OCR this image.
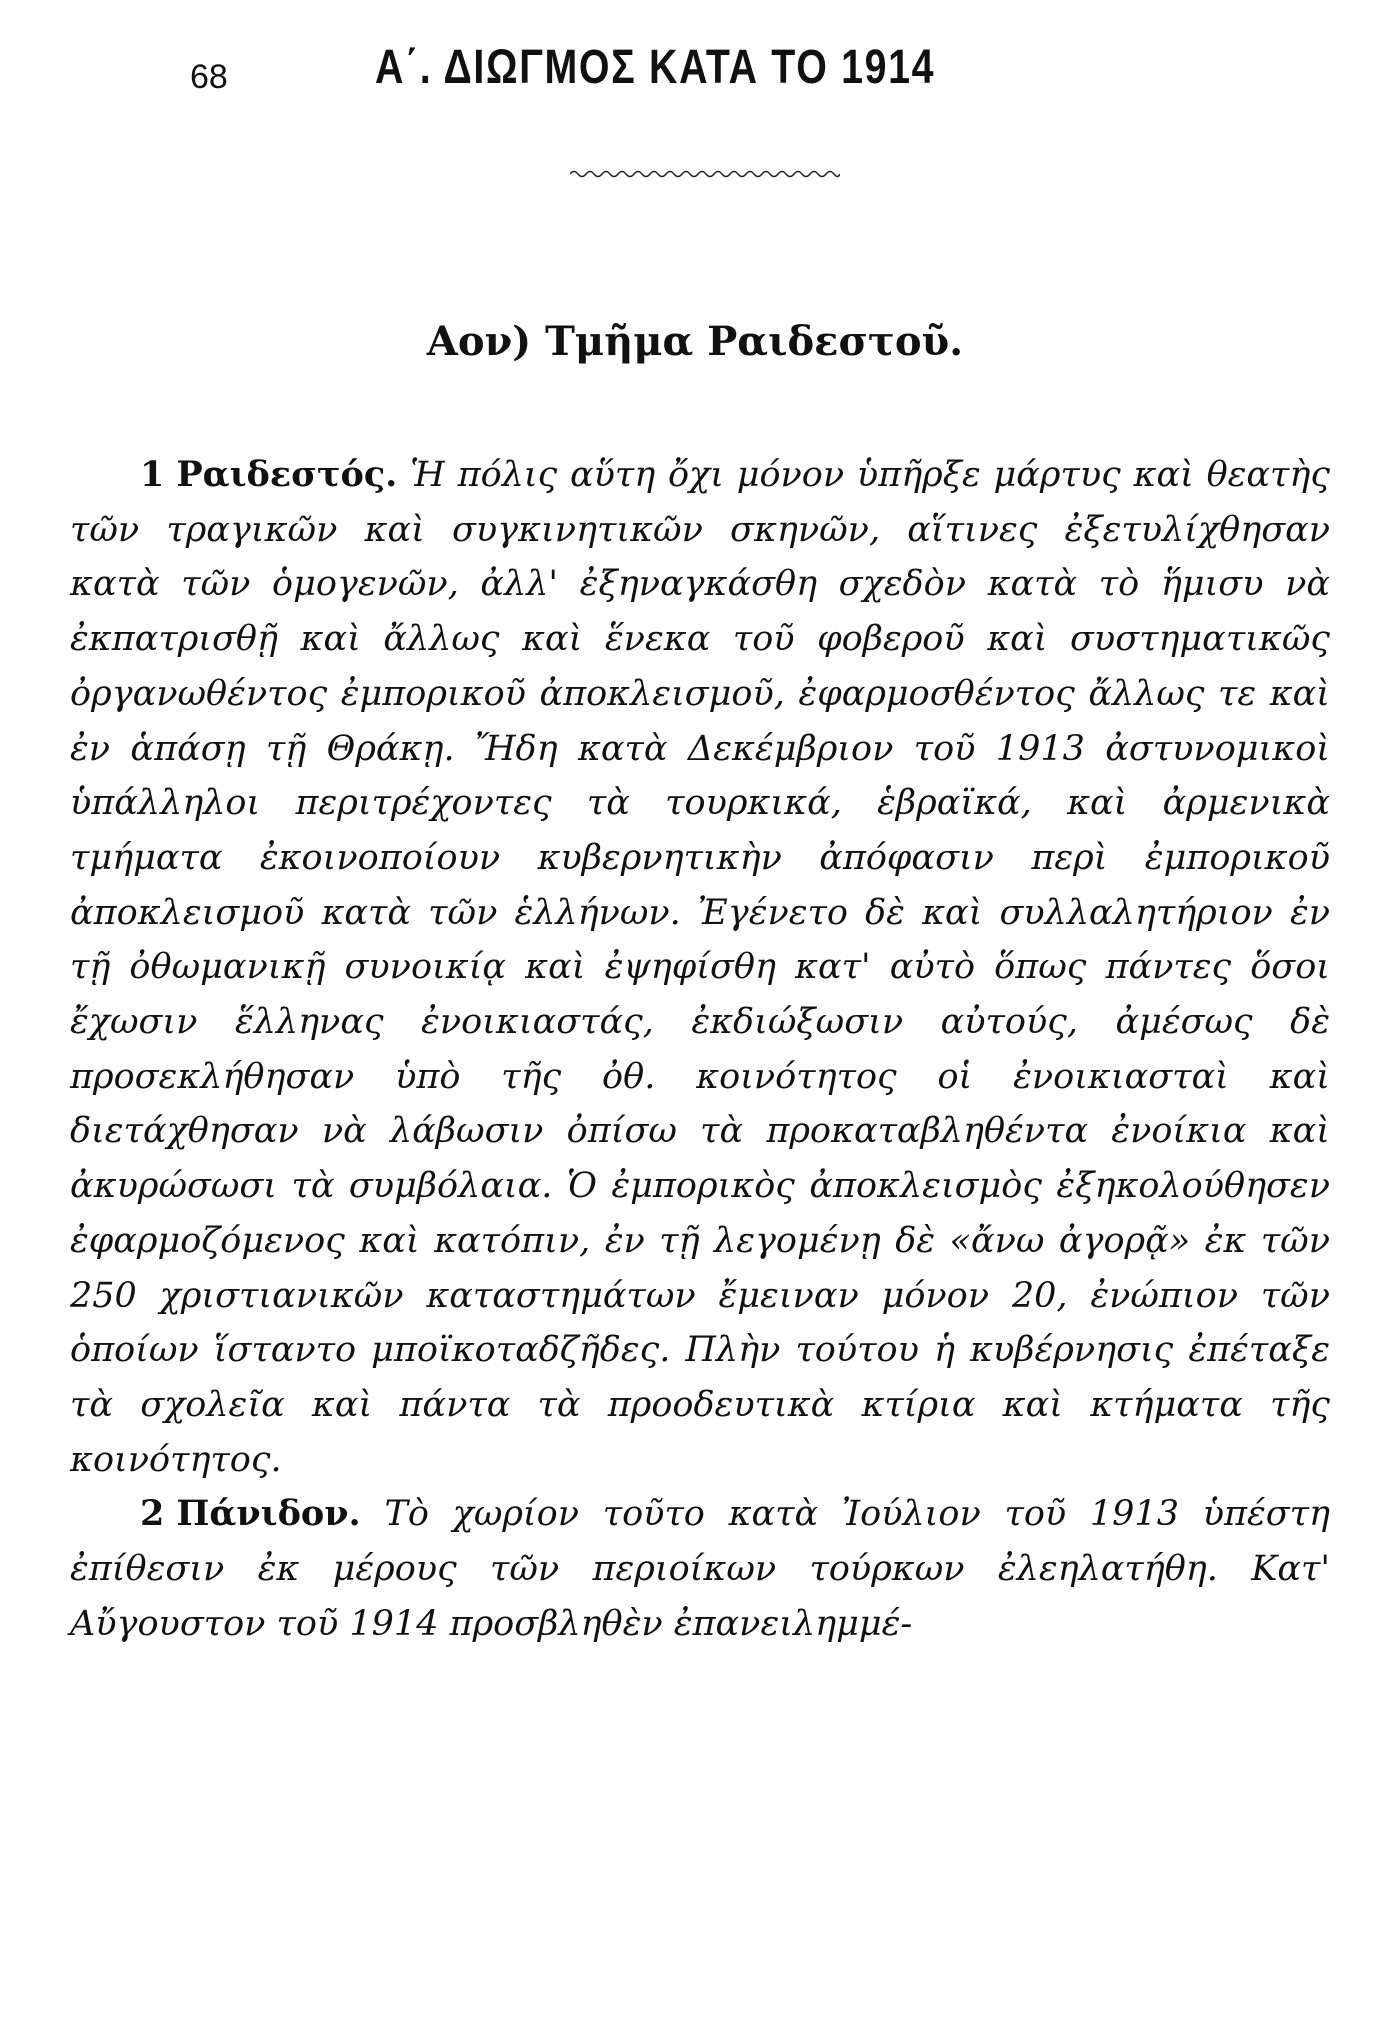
68	Α΄. ΔΙΩΓΜΟΣ ΚΑΤΑ ΤΟ 1914
Αον) Τμῆμα Ραιδεστοῦ.

1 Ραιδεστός. Ἡ πόλις αὕτη ὄχι μόνον ὑπῆρξε μάρτυς καὶ θεατὴς τῶν τραγικῶν καὶ συγκινητικῶν σκηνῶν, αἵτινες ἐξετυλίχθησαν κατὰ τῶν ὁμογενῶν, ἀλλ' ἐξηναγκάσθη σχεδὸν κατὰ τὸ ἥμισυ νὰ ἐκπατρισθῇ καὶ ἄλλως καὶ ἕνεκα τοῦ φοβεροῦ καὶ συστηματικῶς ὀργανωθέντος ἐμπορικοῦ ἀποκλεισμοῦ, ἐφαρμοσθέντος ἄλλως τε καὶ ἐν ἁπάσῃ τῇ Θράκῃ. Ἤδη κατὰ Δεκέμβριον τοῦ 1913 ἀστυνομικοὶ ὑπάλληλοι περιτρέχοντες τὰ τουρκικά, ἑβραϊκά, καὶ ἀρμενικὰ τμήματα ἐκοινοποίουν κυβερνητικὴν ἀπόφασιν περὶ ἐμπορικοῦ ἀποκλεισμοῦ κατὰ τῶν ἑλλήνων. Ἐγένετο δὲ καὶ συλλαλητήριον ἐν τῇ ὀθωμανικῇ συνοικίᾳ καὶ ἐψηφίσθη κατ' αὐτὸ ὅπως πάντες ὅσοι ἔχωσιν ἕλληνας ἐνοικιαστάς, ἐκδιώξωσιν αὐτούς, ἀμέσως δὲ προσεκλήθησαν ὑπὸ τῆς ὀθ. κοινότητος οἱ ἐνοικιασταὶ καὶ διετάχθησαν νὰ λάβωσιν ὀπίσω τὰ προκαταβληθέντα ἐνοίκια καὶ ἀκυρώσωσι τὰ συμβόλαια. Ὁ ἐμπορικὸς ἀποκλεισμὸς ἐξηκολούθησεν ἐφαρμοζόμενος καὶ κατόπιν, ἐν τῇ λεγομένῃ δὲ «ἄνω ἀγορᾷ» ἐκ τῶν 250 χριστιανικῶν καταστημάτων ἔμειναν μόνον 20, ἐνώπιον τῶν ὁποίων ἵσταντο μποϊκοταδζῆδες. Πλὴν τούτου ἡ κυβέρνησις ἐπέταξε τὰ σχολεῖα καὶ πάντα τὰ προοδευτικὰ κτίρια καὶ κτήματα τῆς κοινότητος.

2 Πάνιδον. Τὸ χωρίον τοῦτο κατὰ Ἰούλιον τοῦ 1913 ὑπέστη ἐπίθεσιν ἐκ μέρους τῶν περιοίκων τούρκων ἐλεηλατήθη. Κατ' Αὔγουστον τοῦ 1914 προσβληθὲν ἐπανειλημμέ-
